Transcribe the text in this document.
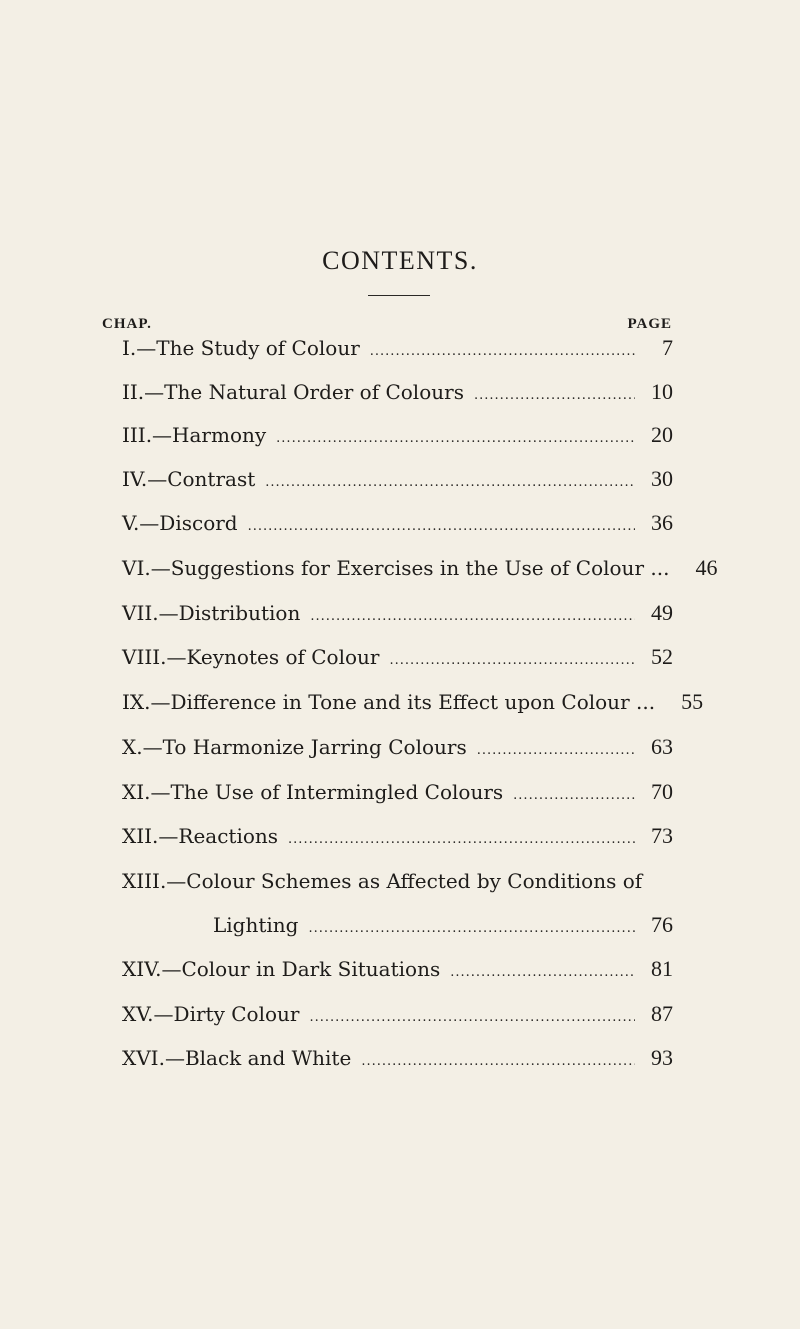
CONTENTS.
CHAP.	PAGE
I.—The Study of Colour .....	7
II.—The Natural Order of Colours .....	10
III.—Harmony .....	20
IV.—Contrast .....	30
V.—Discord .....	36
VI.—Suggestions for Exercises in the Use of Colour ...	46
VII.—Distribution .....	49
VIII.—Keynotes of Colour .....	52
IX.—Difference in Tone and its Effect upon Colour ...	55
X.—To Harmonize Jarring Colours .....	63
XI.—The Use of Intermingled Colours .....	70
XII.—Reactions .....	73
XIII.—Colour Schemes as Affected by Conditions of
Lighting .....	76
XIV.—Colour in Dark Situations .....	81
XV.—Dirty Colour .....	87
XVI.—Black and White .....	93
